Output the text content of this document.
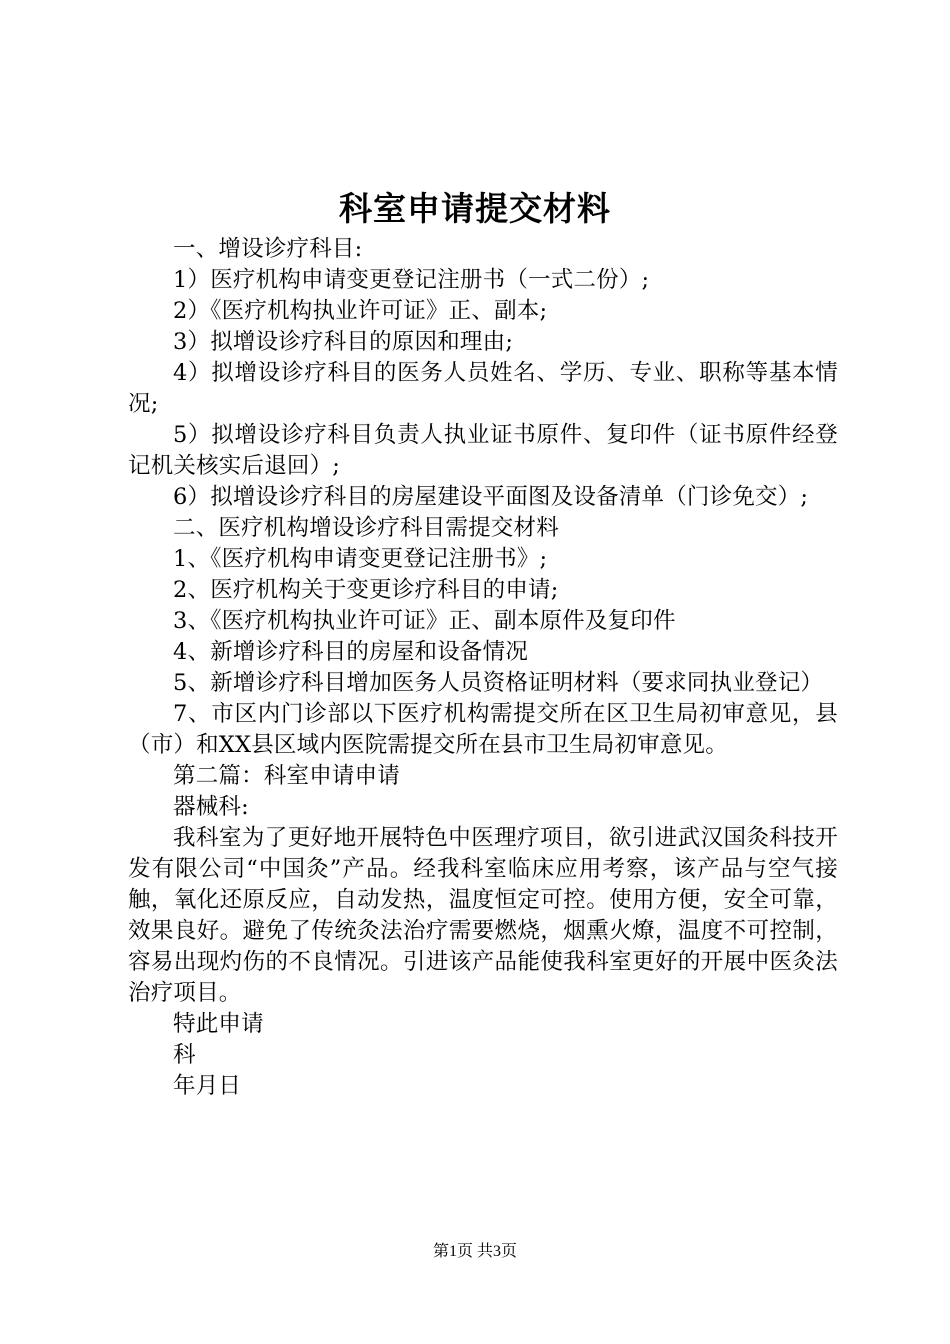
科室申请提交材料

一、增设诊疗科目:

1）医疗机构申请变更登记注册书（一式二份）;

2）《医疗机构执业许可证》正、副本;

3）拟增设诊疗科目的原因和理由;

4）拟增设诊疗科目的医务人员姓名、学历、专业、职称等基本情况;

5）拟增设诊疗科目负责人执业证书原件、复印件（证书原件经登记机关核实后退回）;

6）拟增设诊疗科目的房屋建设平面图及设备清单（门诊免交）;

二、医疗机构增设诊疗科目需提交材料

1、《医疗机构申请变更登记注册书》;

2、医疗机构关于变更诊疗科目的申请;

3、《医疗机构执业许可证》正、副本原件及复印件

4、新增诊疗科目的房屋和设备情况

5、新增诊疗科目增加医务人员资格证明材料（要求同执业登记）

7、市区内门诊部以下医疗机构需提交所在区卫生局初审意见，县（市）和XX县区域内医院需提交所在县市卫生局初审意见。

第二篇：科室申请申请

器械科:

我科室为了更好地开展特色中医理疗项目，欲引进武汉国灸科技开发有限公司“中国灸”产品。经我科室临床应用考察，该产品与空气接触，氧化还原反应，自动发热，温度恒定可控。使用方便，安全可靠，效果良好。避免了传统灸法治疗需要燃烧，烟熏火燎，温度不可控制，容易出现灼伤的不良情况。引进该产品能使我科室更好的开展中医灸法治疗项目。

特此申请

科

年月日

第1页 共3页
